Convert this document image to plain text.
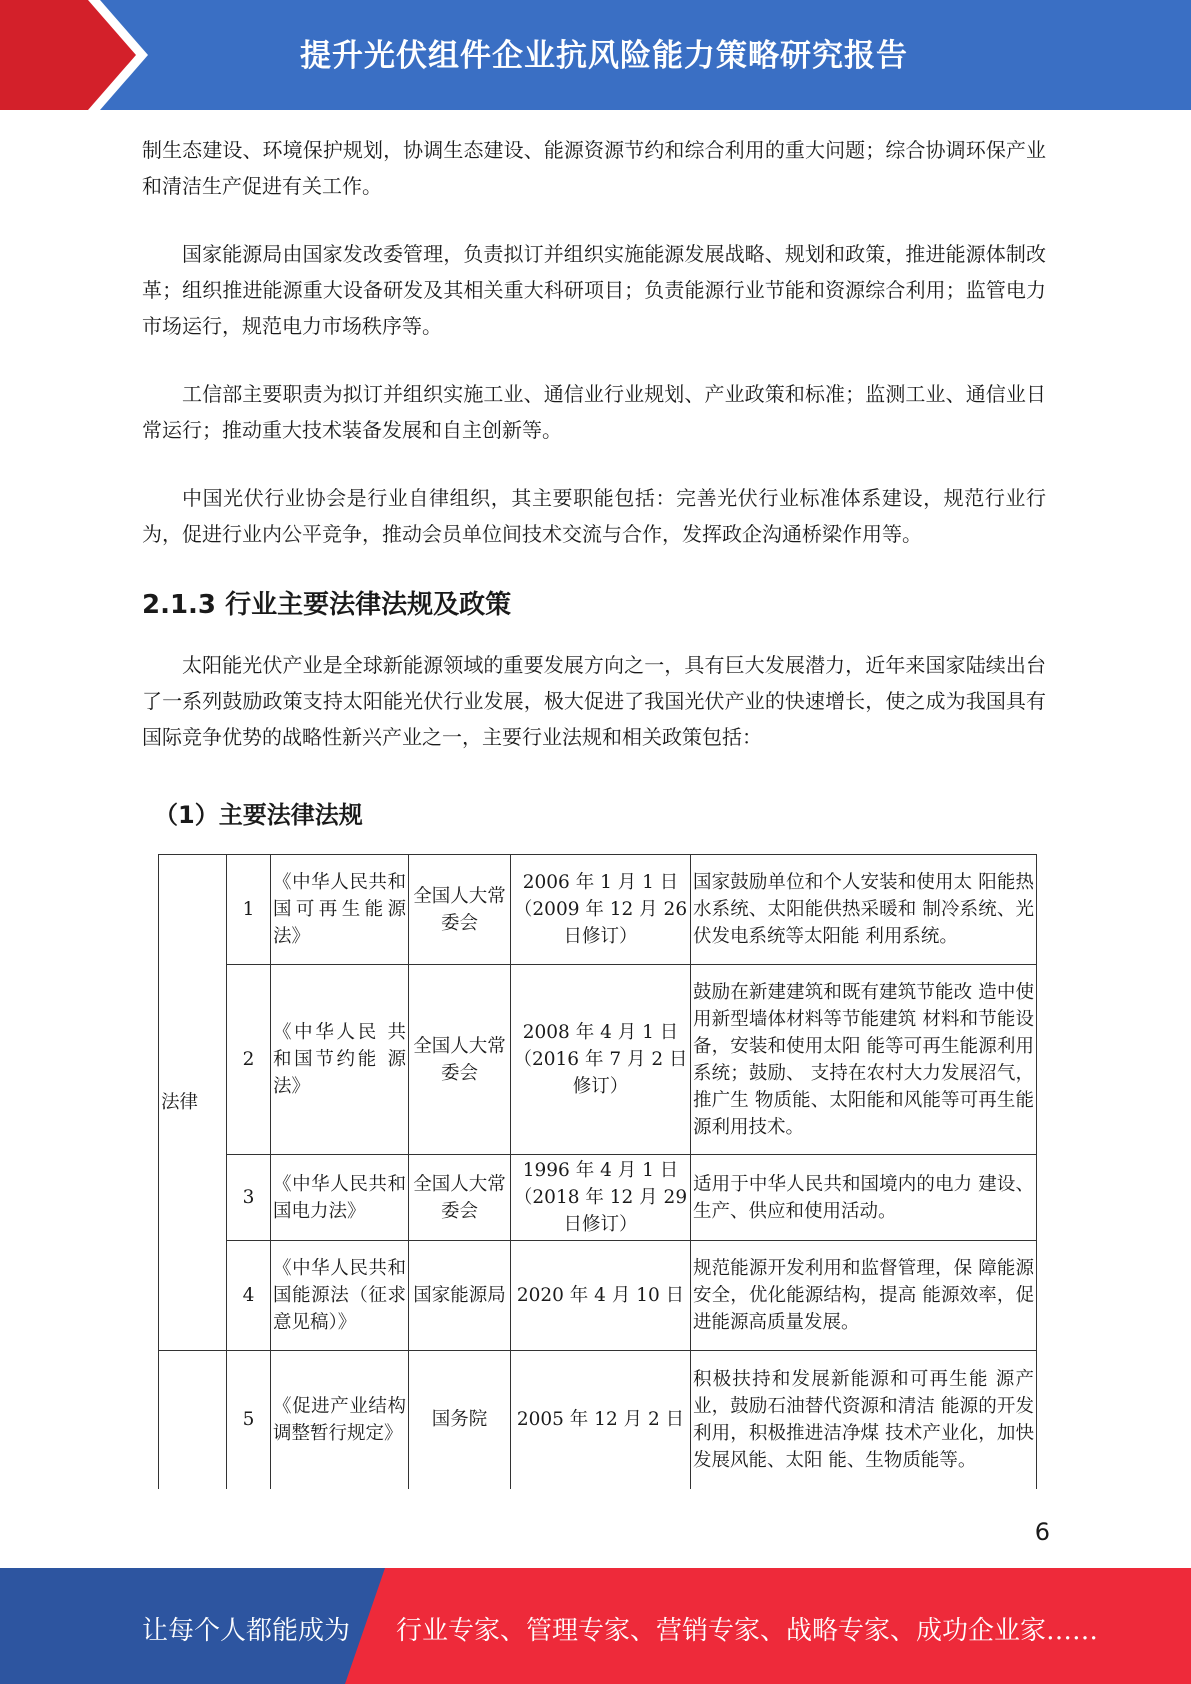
提升光伏组件企业抗风险能力策略研究报告

制生态建设、环境保护规划，协调生态建设、能源资源节约和综合利用的重大问题；综合协调环保产业和清洁生产促进有关工作。

国家能源局由国家发改委管理，负责拟订并组织实施能源发展战略、规划和政策，推进能源体制改革；组织推进能源重大设备研发及其相关重大科研项目；负责能源行业节能和资源综合利用；监管电力市场运行，规范电力市场秩序等。

工信部主要职责为拟订并组织实施工业、通信业行业规划、产业政策和标准；监测工业、通信业日常运行；推动重大技术装备发展和自主创新等。

中国光伏行业协会是行业自律组织，其主要职能包括：完善光伏行业标准体系建设，规范行业行为，促进行业内公平竞争，推动会员单位间技术交流与合作，发挥政企沟通桥梁作用等。

2.1.3 行业主要法律法规及政策

太阳能光伏产业是全球新能源领域的重要发展方向之一，具有巨大发展潜力，近年来国家陆续出台了一系列鼓励政策支持太阳能光伏行业发展，极大促进了我国光伏产业的快速增长，使之成为我国具有国际竞争优势的战略性新兴产业之一，主要行业法规和相关政策包括：

（1）主要法律法规
法律	1	《中华人民共和国可再生能源法》	全国人大常委会	2006 年 1 月 1 日（2009 年 12 月 26 日修订）	国家鼓励单位和个人安装和使用太 阳能热水系统、太阳能供热采暖和 制冷系统、光伏发电系统等太阳能 利用系统。
	2	《中华人民 共和国节约能 源法》	全国人大常委会	2008 年 4 月 1 日（2016 年 7 月 2 日修订）	鼓励在新建建筑和既有建筑节能改 造中使用新型墙体材料等节能建筑 材料和节能设备，安装和使用太阳 能等可再生能源利用系统；鼓励、 支持在农村大力发展沼气，推广生 物质能、太阳能和风能等可再生能 源利用技术。
	3	《中华人民共和国电力法》	全国人大常委会	1996 年 4 月 1 日（2018 年 12 月 29 日修订）	适用于中华人民共和国境内的电力 建设、生产、供应和使用活动。
	4	《中华人民共和国能源法（征求意见稿）》	国家能源局	2020 年 4 月 10 日	规范能源开发利用和监督管理，保 障能源安全，优化能源结构，提高 能源效率，促进能源高质量发展。
	5	《促进产业结构调整暂行规定》	国务院	2005 年 12 月 2 日	积极扶持和发展新能源和可再生能 源产业，鼓励石油替代资源和清洁 能源的开发利用，积极推进洁净煤 技术产业化，加快发展风能、太阳 能、生物质能等。
6
让每个人都能成为 行业专家、管理专家、营销专家、战略专家、成功企业家……
